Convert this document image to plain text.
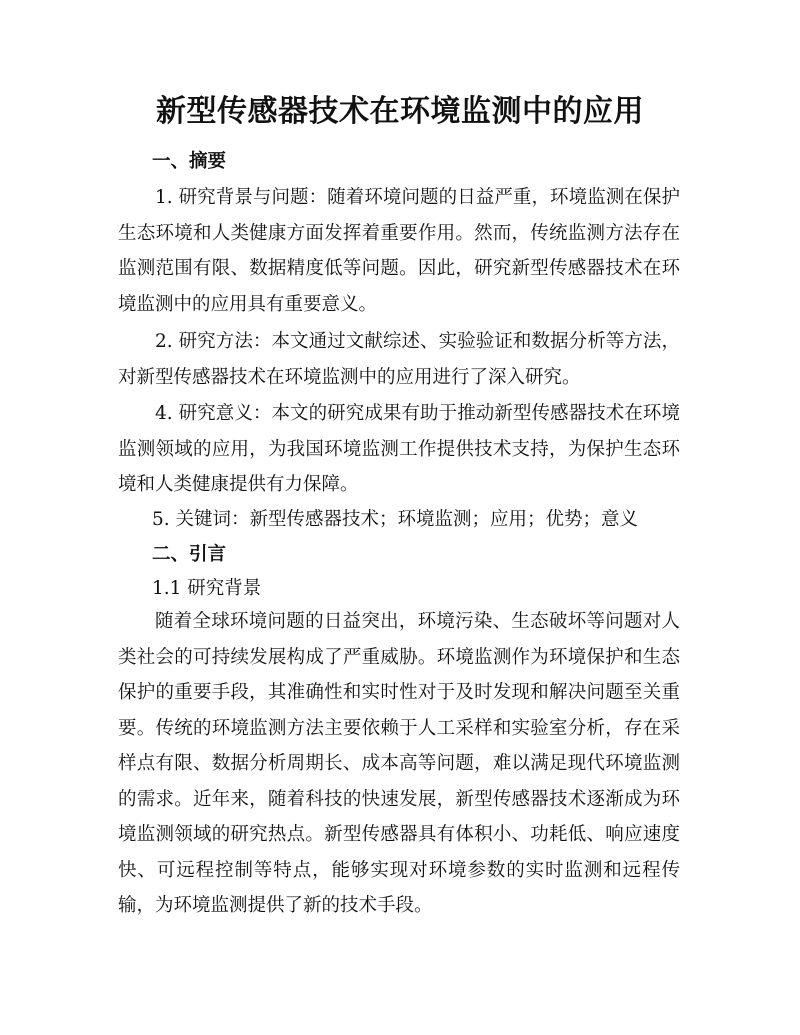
新型传感器技术在环境监测中的应用
一、摘要

1. 研究背景与问题：随着环境问题的日益严重，环境监测在保护生态环境和人类健康方面发挥着重要作用。然而，传统监测方法存在监测范围有限、数据精度低等问题。因此，研究新型传感器技术在环境监测中的应用具有重要意义。

2. 研究方法：本文通过文献综述、实验验证和数据分析等方法，对新型传感器技术在环境监测中的应用进行了深入研究。

4. 研究意义：本文的研究成果有助于推动新型传感器技术在环境监测领域的应用，为我国环境监测工作提供技术支持，为保护生态环境和人类健康提供有力保障。

5. 关键词：新型传感器技术；环境监测；应用；优势；意义
二、引言
1.1 研究背景

随着全球环境问题的日益突出，环境污染、生态破坏等问题对人类社会的可持续发展构成了严重威胁。环境监测作为环境保护和生态保护的重要手段，其准确性和实时性对于及时发现和解决问题至关重要。传统的环境监测方法主要依赖于人工采样和实验室分析，存在采样点有限、数据分析周期长、成本高等问题，难以满足现代环境监测的需求。近年来，随着科技的快速发展，新型传感器技术逐渐成为环境监测领域的研究热点。新型传感器具有体积小、功耗低、响应速度快、可远程控制等特点，能够实现对环境参数的实时监测和远程传输，为环境监测提供了新的技术手段。
